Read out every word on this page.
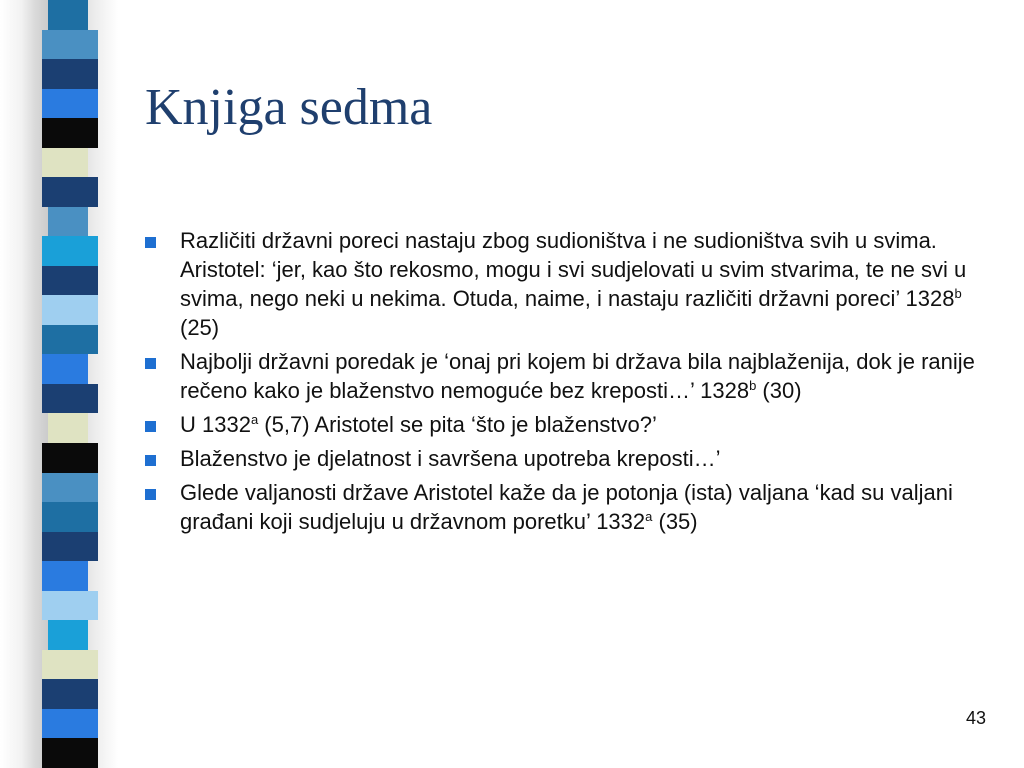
Knjiga sedma
Različiti državni poreci nastaju zbog sudioništva i ne sudioništva svih u svima. Aristotel: ‘jer, kao što rekosmo, mogu i svi sudjelovati u svim stvarima, te ne svi u svima, nego neki u nekima. Otuda, naime, i nastaju različiti državni poreci’ 1328$^b$ (25)
Najbolji državni poredak je ‘onaj pri kojem bi država bila najblaženija, dok je ranije rečeno kako je blaženstvo nemoguće bez kreposti…’ 1328$^b$ (30)
U 1332$^a$ (5,7) Aristotel se pita ‘što je blaženstvo?’
Blaženstvo je djelatnost i savršena upotreba kreposti…’
Glede valjanosti države Aristotel kaže da je potonja (ista) valjana ‘kad su valjani građani koji sudjeluju u državnom poretku’ 1332$^a$ (35)
43
